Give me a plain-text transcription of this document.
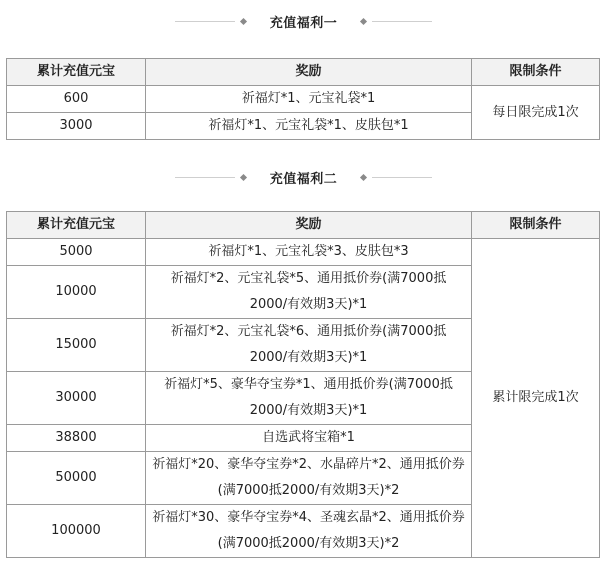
充值福利一
累计充值元宝	奖励	限制条件
600	祈福灯*1、元宝礼袋*1	每日限完成1次
3000	祈福灯*1、元宝礼袋*1、皮肤包*1	
充值福利二
累计充值元宝	奖励	限制条件
5000	祈福灯*1、元宝礼袋*3、皮肤包*3	累计限完成1次
10000	祈福灯*2、元宝礼袋*5、通用抵价券(满7000抵2000/有效期3天)*1	
15000	祈福灯*2、元宝礼袋*6、通用抵价券(满7000抵2000/有效期3天)*1	
30000	祈福灯*5、豪华夺宝券*1、通用抵价券(满7000抵2000/有效期3天)*1	
38800	自选武将宝箱*1	
50000	祈福灯*20、豪华夺宝券*2、水晶碎片*2、通用抵价券(满7000抵2000/有效期3天)*2	
100000	祈福灯*30、豪华夺宝券*4、圣魂玄晶*2、通用抵价券(满7000抵2000/有效期3天)*2	
